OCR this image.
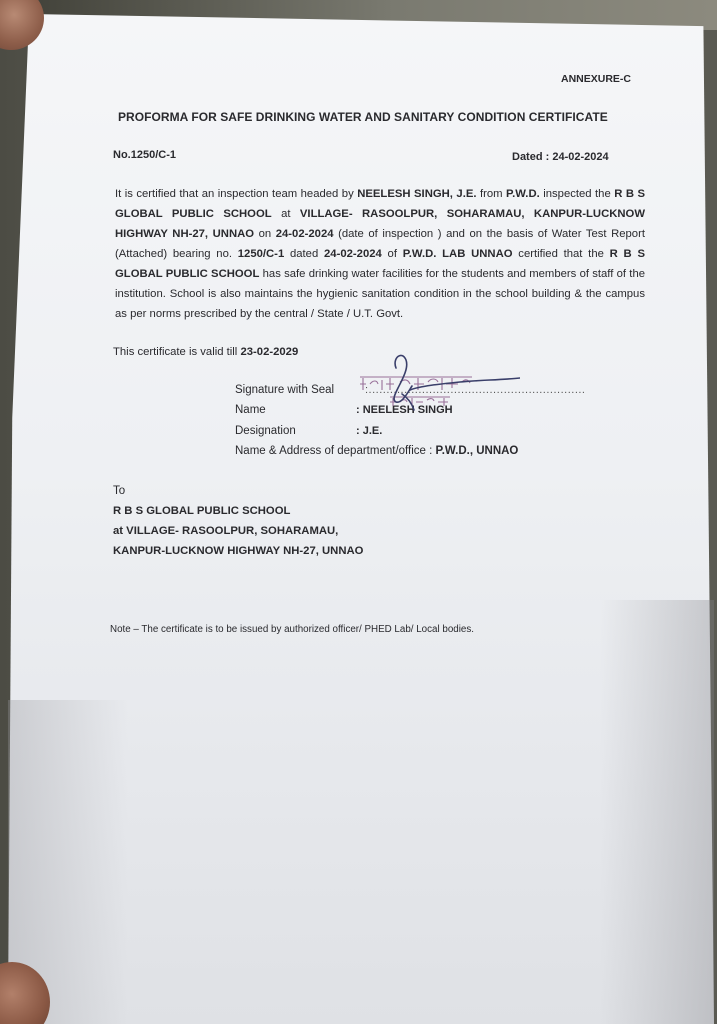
ANNEXURE-C
PROFORMA FOR SAFE DRINKING WATER AND SANITARY CONDITION CERTIFICATE
No.1250/C-1	Dated : 24-02-2024
It is certified that an inspection team headed by NEELESH SINGH, J.E. from P.W.D. inspected the R B S GLOBAL PUBLIC SCHOOL at VILLAGE- RASOOLPUR, SOHARAMAU, KANPUR-LUCKNOW HIGHWAY NH-27, UNNAO on 24-02-2024 (date of inspection ) and on the basis of Water Test Report (Attached) bearing no. 1250/C-1 dated 24-02-2024 of P.W.D. LAB UNNAO certified that the R B S GLOBAL PUBLIC SCHOOL has safe drinking water facilities for the students and members of staff of the institution. School is also maintains the hygienic sanitation condition in the school building & the campus as per norms prescribed by the central / State / U.T. Govt.
This certificate is valid till 23-02-2029
Signature with Seal	:.............................................................
Name	: NEELESH SINGH
Designation	: J.E.
Name & Address of department/office : P.W.D., UNNAO
To
R B S GLOBAL PUBLIC SCHOOL
at VILLAGE- RASOOLPUR, SOHARAMAU,
KANPUR-LUCKNOW HIGHWAY NH-27, UNNAO
Note – The certificate is to be issued by authorized officer/ PHED Lab/ Local bodies.
